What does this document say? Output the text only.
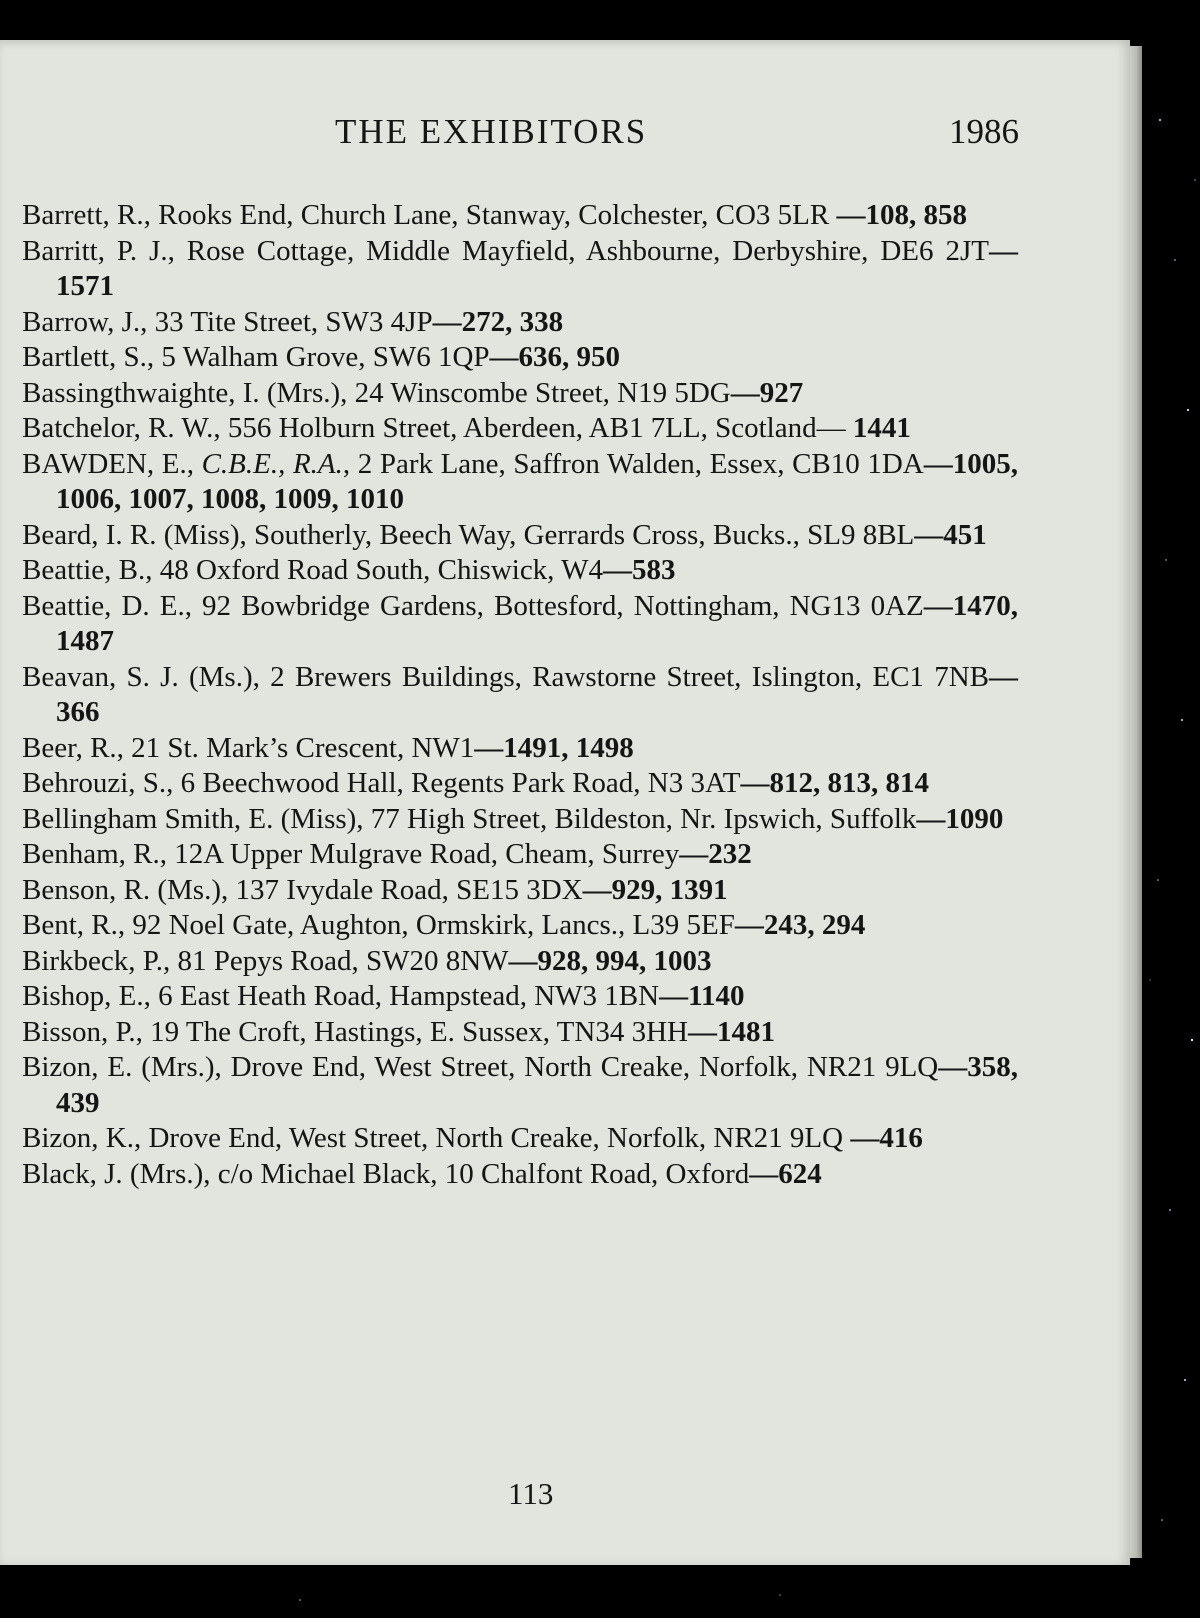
THE EXHIBITORS	1986

Barrett, R., Rooks End, Church Lane, Stanway, Colchester, CO3 5LR —108, 858

Barritt, P. J., Rose Cottage, Middle Mayfield, Ashbourne, Derbyshire, DE6 2JT—1571

Barrow, J., 33 Tite Street, SW3 4JP—272, 338

Bartlett, S., 5 Walham Grove, SW6 1QP—636, 950

Bassingthwaighte, I. (Mrs.), 24 Winscombe Street, N19 5DG—927

Batchelor, R. W., 556 Holburn Street, Aberdeen, AB1 7LL, Scotland— 1441

BAWDEN, E., C.B.E., R.A., 2 Park Lane, Saffron Walden, Essex, CB10 1DA—1005, 1006, 1007, 1008, 1009, 1010

Beard, I. R. (Miss), Southerly, Beech Way, Gerrards Cross, Bucks., SL9 8BL—451

Beattie, B., 48 Oxford Road South, Chiswick, W4—583

Beattie, D. E., 92 Bowbridge Gardens, Bottesford, Nottingham, NG13 0AZ—1470, 1487

Beavan, S. J. (Ms.), 2 Brewers Buildings, Rawstorne Street, Islington, EC1 7NB—366

Beer, R., 21 St. Mark’s Crescent, NW1—1491, 1498

Behrouzi, S., 6 Beechwood Hall, Regents Park Road, N3 3AT—812, 813, 814

Bellingham Smith, E. (Miss), 77 High Street, Bildeston, Nr. Ipswich, Suffolk—1090

Benham, R., 12A Upper Mulgrave Road, Cheam, Surrey—232

Benson, R. (Ms.), 137 Ivydale Road, SE15 3DX—929, 1391

Bent, R., 92 Noel Gate, Aughton, Ormskirk, Lancs., L39 5EF—243, 294

Birkbeck, P., 81 Pepys Road, SW20 8NW—928, 994, 1003

Bishop, E., 6 East Heath Road, Hampstead, NW3 1BN—1140

Bisson, P., 19 The Croft, Hastings, E. Sussex, TN34 3HH—1481

Bizon, E. (Mrs.), Drove End, West Street, North Creake, Norfolk, NR21 9LQ—358, 439

Bizon, K., Drove End, West Street, North Creake, Norfolk, NR21 9LQ —416

Black, J. (Mrs.), c/o Michael Black, 10 Chalfont Road, Oxford—624

113
